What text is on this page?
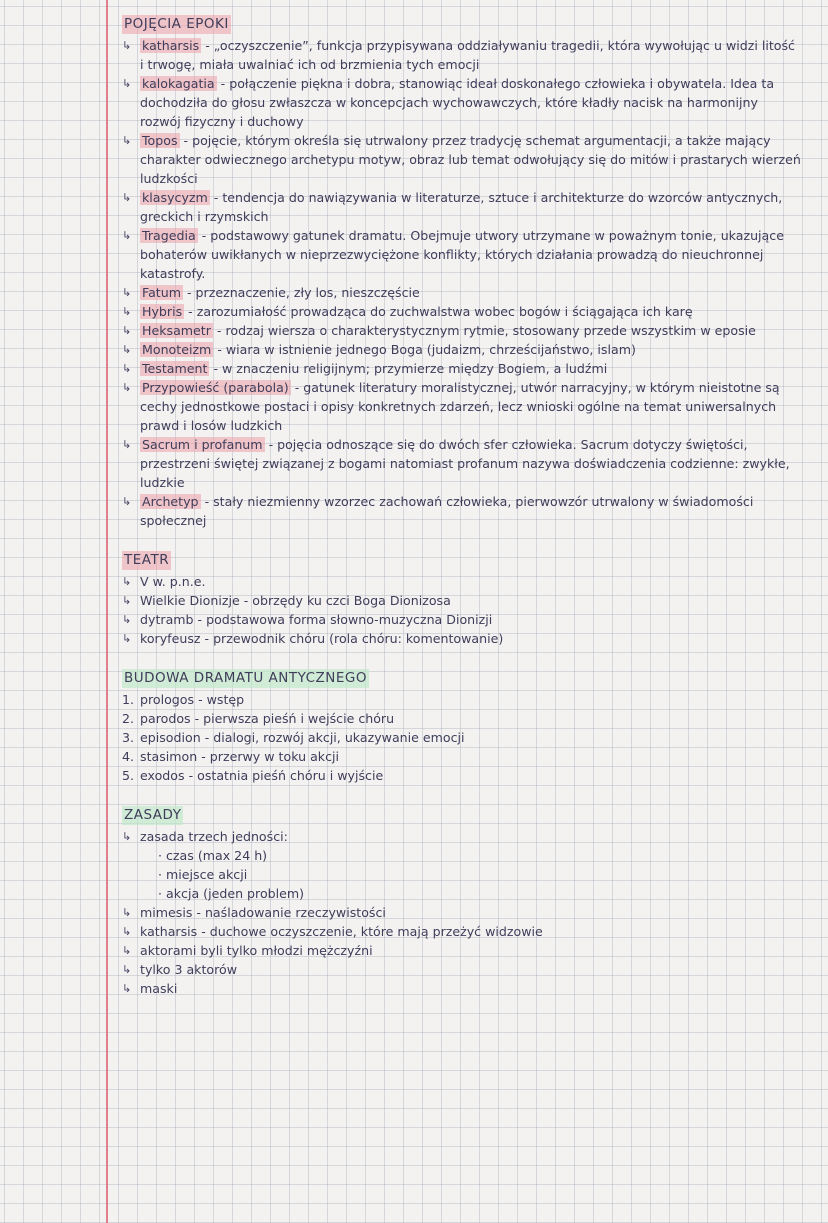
POJĘCIA EPOKI
↳ katharsis - „oczyszczenie”, funkcja przypisywana oddziaływaniu tragedii, która wywołując u widzi litość i trwogę, miała uwalniać ich od brzmienia tych emocji
↳ kalokagatia - połączenie piękna i dobra, stanowiąc ideał doskonałego człowieka i obywatela. Idea ta dochodziła do głosu zwłaszcza w koncepcjach wychowawczych, które kładły nacisk na harmonijny rozwój fizyczny i duchowy
↳ Topos - pojęcie, którym określa się utrwalony przez tradycję schemat argumentacji, a także mający charakter odwiecznego archetypu motyw, obraz lub temat odwołujący się do mitów i prastarych wierzeń ludzkości
↳ klasycyzm - tendencja do nawiązywania w literaturze, sztuce i architekturze do wzorców antycznych, greckich i rzymskich
↳ Tragedia - podstawowy gatunek dramatu. Obejmuje utwory utrzymane w poważnym tonie, ukazujące bohaterów uwikłanych w nieprzezwyciężone konflikty, których działania prowadzą do nieuchronnej katastrofy.
↳ Fatum - przeznaczenie, zły los, nieszczęście
↳ Hybris - zarozumiałość prowadząca do zuchwalstwa wobec bogów i ściągająca ich karę
↳ Heksametr - rodzaj wiersza o charakterystycznym rytmie, stosowany przede wszystkim w eposie
↳ Monoteizm - wiara w istnienie jednego Boga (judaizm, chrześcijaństwo, islam)
↳ Testament - w znaczeniu religijnym; przymierze między Bogiem, a ludźmi
↳ Przypowieść (parabola) - gatunek literatury moralistycznej, utwór narracyjny, w którym nieistotne są cechy jednostkowe postaci i opisy konkretnych zdarzeń, lecz wnioski ogólne na temat uniwersalnych prawd i losów ludzkich
↳ Sacrum i profanum - pojęcia odnoszące się do dwóch sfer człowieka. Sacrum dotyczy świętości, przestrzeni świętej związanej z bogami natomiast profanum nazywa doświadczenia codzienne: zwykłe, ludzkie
↳ Archetyp - stały niezmienny wzorzec zachowań człowieka, pierwowzór utrwalony w świadomości społecznej
TEATR
↳ V w. p.n.e.
↳ Wielkie Dionizje - obrzędy ku czci Boga Dionizosa
↳ dytramb - podstawowa forma słowno-muzyczna Dionizji
↳ koryfeusz - przewodnik chóru (rola chóru: komentowanie)
BUDOWA DRAMATU ANTYCZNEGO
1. prologos - wstęp
2. parodos - pierwsza pieśń i wejście chóru
3. episodion - dialogi, rozwój akcji, ukazywanie emocji
4. stasimon - przerwy w toku akcji
5. exodos - ostatnia pieśń chóru i wyjście
ZASADY
↳ zasada trzech jedności:
· czas (max 24 h)
· miejsce akcji
· akcja (jeden problem)
↳ mimesis - naśladowanie rzeczywistości
↳ katharsis - duchowe oczyszczenie, które mają przeżyć widzowie
↳ aktorami byli tylko młodzi mężczyźni
↳ tylko 3 aktorów
↳ maski
